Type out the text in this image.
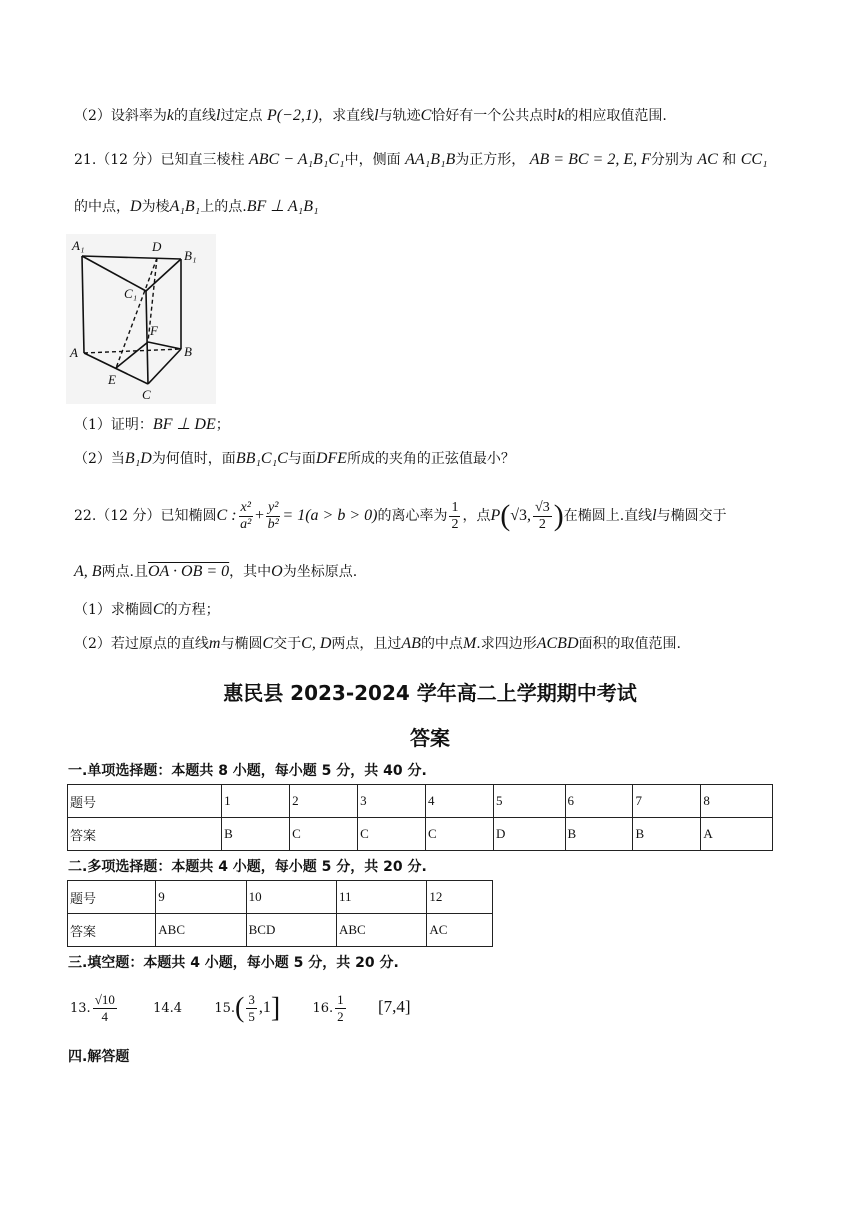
（2）设斜率为k的直线l过定点 P(−2,1)，求直线l与轨迹C恰好有一个公共点时k的相应取值范围.
21.（12 分）已知直三棱柱 ABC − A₁B₁C₁中，侧面 AA₁B₁B为正方形， AB = BC = 2, E, F分别为 AC 和 CC₁
的中点，D为棱A₁B₁上的点.BF ⊥ A₁B₁
A₁	D
B₁
C₁
F
A	B
E
C
（1）证明：BF ⊥ DE；
（2）当B₁D为何值时，面BB₁C₁C与面DFE所成的夹角的正弦值最小？
22.（12 分）已知椭圆C : $\frac{\text{x²}}{\text{a²}} + \frac{\text{y²}}{\text{b²}} = 1(a > b > 0)$的离心率为 $\frac{1}{2}$ ，点P(√3, $\frac{√3}{2}$ )在椭圆上.直线l与椭圆交于
A, B两点.且OA · OB = 0，其中O为坐标原点.
（1）求椭圆C的方程；
（2）若过原点的直线m与椭圆C交于C, D两点，且过AB的中点M.求四边形ACBD面积的取值范围.
惠民县 2023-2024 学年高二上学期期中考试
答案
一.单项选择题：本题共 8 小题，每小题 5 分，共 40 分.
题号	1	2	3	4	5	6	7	8
答案	B	C	C	C	D	B	B	A
二.多项选择题：本题共 4 小题，每小题 5 分，共 20 分.
题号	9	10	11	12
答案	ABC	BCD	ABC	AC
三.填空题：本题共 4 小题，每小题 5 分，共 20 分.
13. $\frac{√10}{4}$	14.4 $15.( \frac{3}{5} ,1]$ 16. $\frac{1}{2} [7,4]$
四.解答题
